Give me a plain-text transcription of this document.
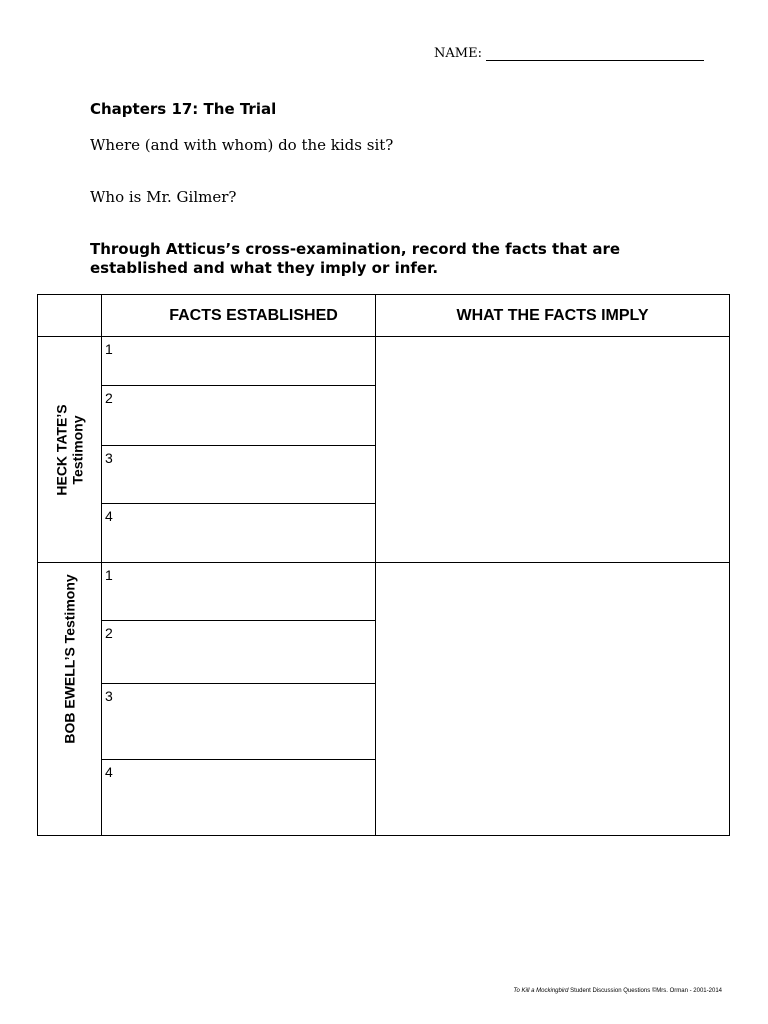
NAME:
Chapters 17: The Trial

Where (and with whom) do the kids sit?

Who is Mr. Gilmer?

Through Atticus’s cross-examination, record the facts that are established and what they imply or infer.

FACTS ESTABLISHED	WHAT THE FACTS IMPLY
HECK TATE’S Testimony
1
2
3
4
BOB EWELL’S Testimony 1
2
3
4
To Kill a Mockingbird Student Discussion Questions ©Mrs. Orman - 2001-2014
